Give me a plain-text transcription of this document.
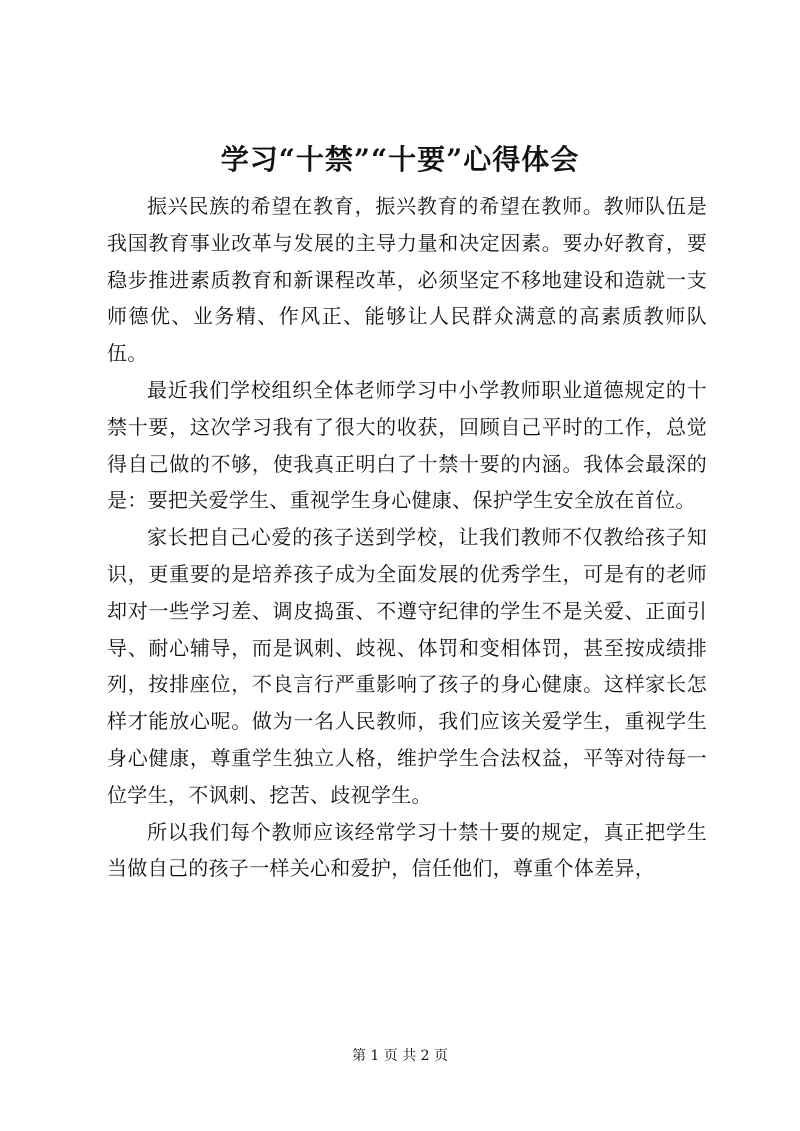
学习“十禁”“十要”心得体会

振兴民族的希望在教育，振兴教育的希望在教师。教师队伍是我国教育事业改革与发展的主导力量和决定因素。要办好教育，要稳步推进素质教育和新课程改革，必须坚定不移地建设和造就一支师德优、业务精、作风正、能够让人民群众满意的高素质教师队伍。

最近我们学校组织全体老师学习中小学教师职业道德规定的十禁十要，这次学习我有了很大的收获，回顾自己平时的工作，总觉得自己做的不够，使我真正明白了十禁十要的内涵。我体会最深的是：要把关爱学生、重视学生身心健康、保护学生安全放在首位。

家长把自己心爱的孩子送到学校，让我们教师不仅教给孩子知识，更重要的是培养孩子成为全面发展的优秀学生，可是有的老师却对一些学习差、调皮捣蛋、不遵守纪律的学生不是关爱、正面引导、耐心辅导，而是讽刺、歧视、体罚和变相体罚，甚至按成绩排列，按排座位，不良言行严重影响了孩子的身心健康。这样家长怎样才能放心呢。做为一名人民教师，我们应该关爱学生，重视学生身心健康，尊重学生独立人格，维护学生合法权益，平等对待每一位学生，不讽刺、挖苦、歧视学生。

所以我们每个教师应该经常学习十禁十要的规定，真正把学生当做自己的孩子一样关心和爱护，信任他们，尊重个体差异，

第 1 页 共 2 页
